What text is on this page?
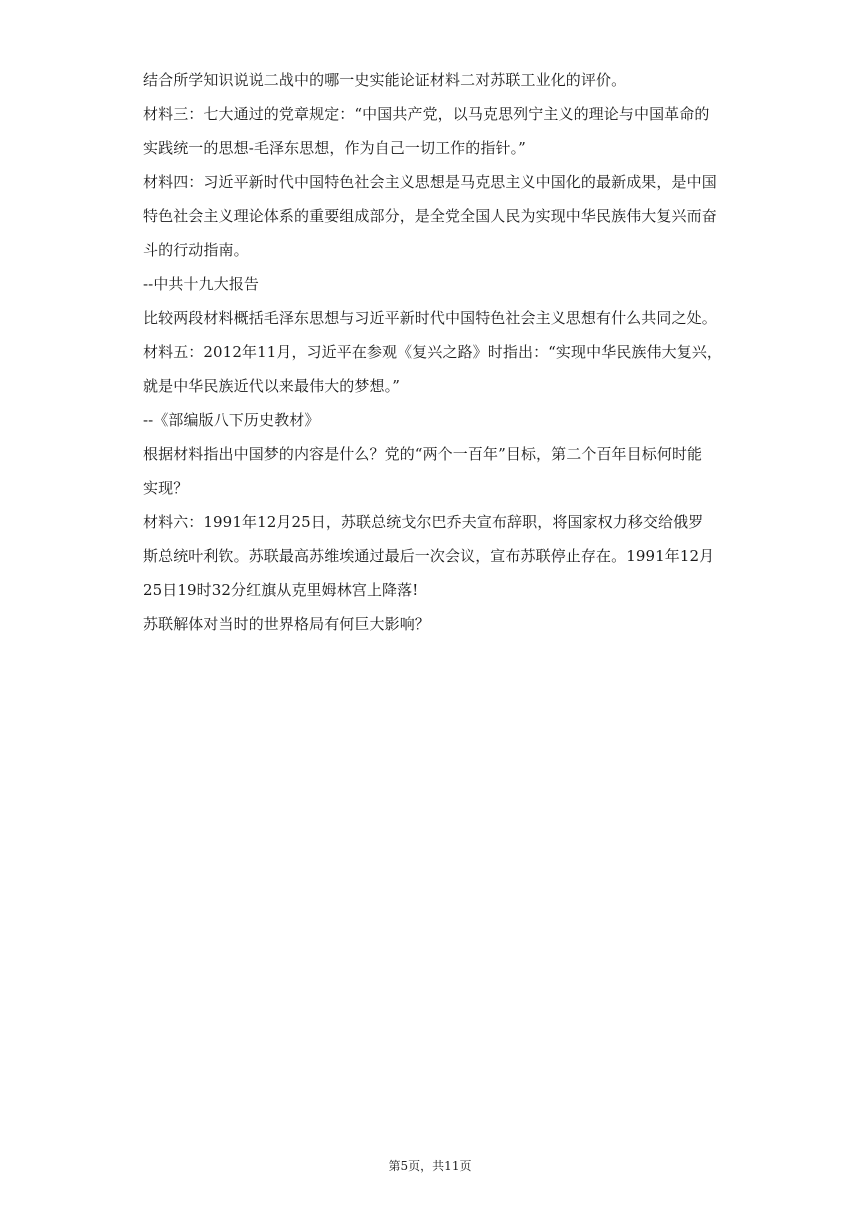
结合所学知识说说二战中的哪一史实能论证材料二对苏联工业化的评价。
材料三：七大通过的党章规定：“中国共产党，以马克思列宁主义的理论与中国革命的
实践统一的思想-毛泽东思想，作为自己一切工作的指针。”
材料四：习近平新时代中国特色社会主义思想是马克思主义中国化的最新成果，是中国
特色社会主义理论体系的重要组成部分，是全党全国人民为实现中华民族伟大复兴而奋
斗的行动指南。
--中共十九大报告
比较两段材料概括毛泽东思想与习近平新时代中国特色社会主义思想有什么共同之处。
材料五：2012年11月，习近平在参观《复兴之路》时指出：“实现中华民族伟大复兴，
就是中华民族近代以来最伟大的梦想。”
--《部编版八下历史教材》
根据材料指出中国梦的内容是什么？党的“两个一百年”目标，第二个百年目标何时能
实现？
材料六：1991年12月25日，苏联总统戈尔巴乔夫宣布辞职，将国家权力移交给俄罗
斯总统叶利钦。苏联最高苏维埃通过最后一次会议，宣布苏联停止存在。1991年12月
25日19时32分红旗从克里姆林宫上降落!
苏联解体对当时的世界格局有何巨大影响？
第5页，共11页
